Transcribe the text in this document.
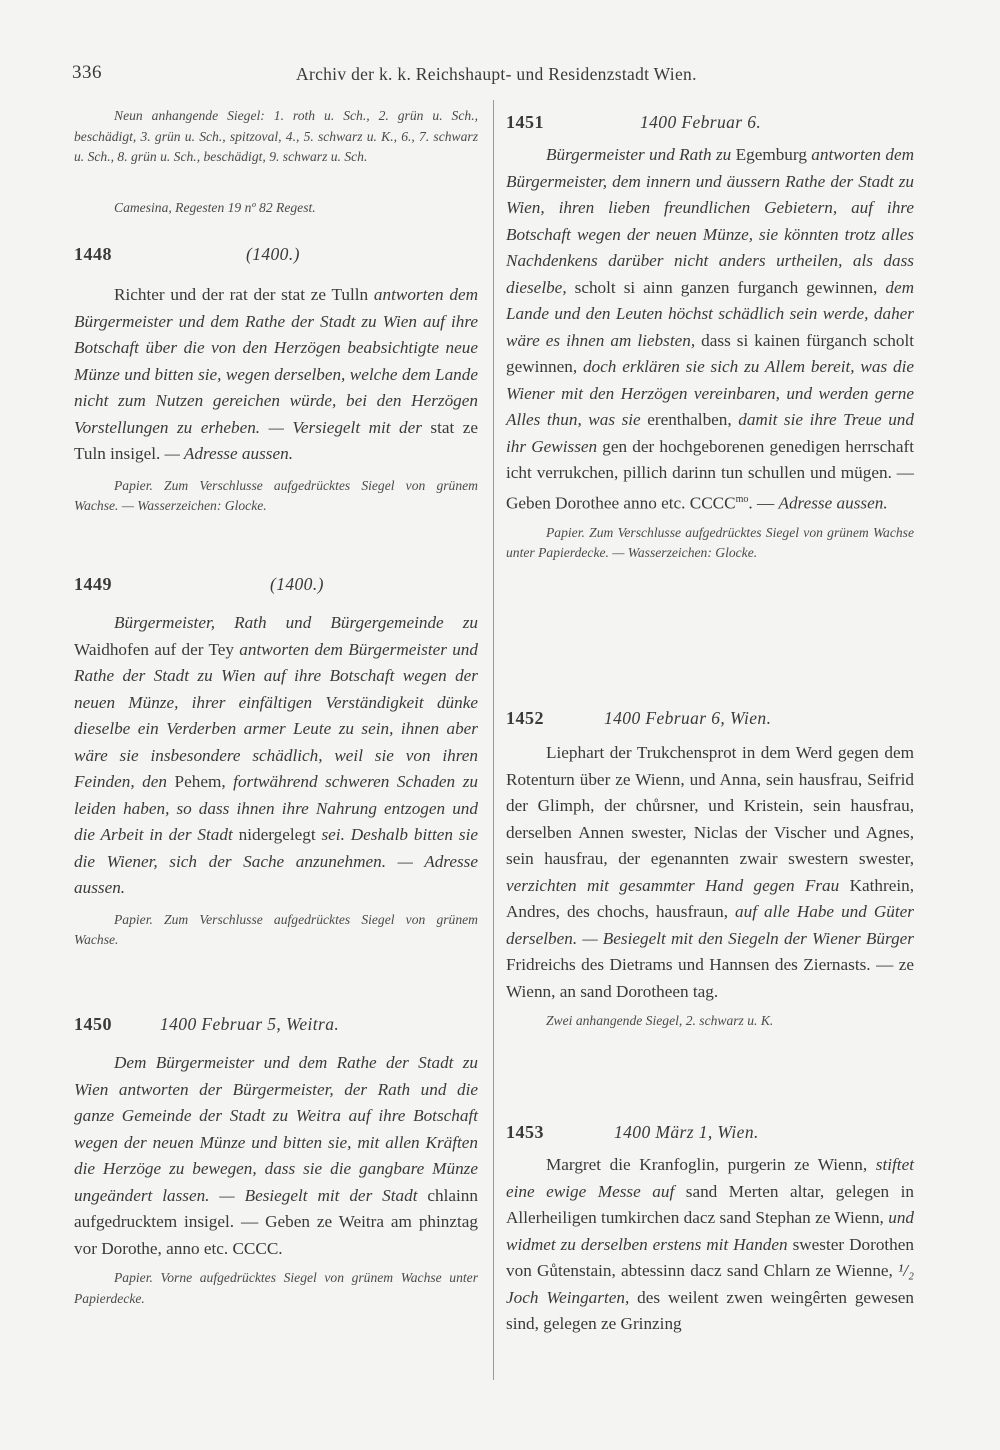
336	Archiv der k. k. Reichshaupt- und Residenzstadt Wien.

Neun anhangende Siegel: 1. roth u. Sch., 2. grün u. Sch., beschädigt, 3. grün u. Sch., spitzoval, 4., 5. schwarz u. K., 6., 7. schwarz u. Sch., 8. grün u. Sch., beschädigt, 9. schwarz u. Sch.

Camesina, Regesten 19 nº 82 Regest.

1448	(1400.)

Richter und der rat der stat ze Tulln antworten dem Bürgermeister und dem Rathe der Stadt zu Wien auf ihre Botschaft über die von den Herzögen beabsichtigte neue Münze und bitten sie, wegen derselben, welche dem Lande nicht zum Nutzen gereichen würde, bei den Herzögen Vorstellungen zu erheben. — Versiegelt mit der stat ze Tuln insigel. — Adresse aussen.

Papier. Zum Verschlusse aufgedrücktes Siegel von grünem Wachse. — Wasserzeichen: Glocke.

1449	(1400.)

Bürgermeister, Rath und Bürgergemeinde zu Waidhofen auf der Tey antworten dem Bürgermeister und Rathe der Stadt zu Wien auf ihre Botschaft wegen der neuen Münze, ihrer einfältigen Verständigkeit dünke dieselbe ein Verderben armer Leute zu sein, ihnen aber wäre sie insbesondere schädlich, weil sie von ihren Feinden, den Pehem, fortwährend schweren Schaden zu leiden haben, so dass ihnen ihre Nahrung entzogen und die Arbeit in der Stadt nidergelegt sei. Deshalb bitten sie die Wiener, sich der Sache anzunehmen. — Adresse aussen.

Papier. Zum Verschlusse aufgedrücktes Siegel von grünem Wachse.

1450	1400 Februar 5, Weitra.

Dem Bürgermeister und dem Rathe der Stadt zu Wien antworten der Bürgermeister, der Rath und die ganze Gemeinde der Stadt zu Weitra auf ihre Botschaft wegen der neuen Münze und bitten sie, mit allen Kräften die Herzöge zu bewegen, dass sie die gangbare Münze ungeändert lassen. — Besiegelt mit der Stadt chlainn aufgedrucktem insigel. — Geben ze Weitra am phinztag vor Dorothe, anno etc. CCCC.

Papier. Vorne aufgedrücktes Siegel von grünem Wachse unter Papierdecke.

1451	1400 Februar 6.

Bürgermeister und Rath zu Egemburg antworten dem Bürgermeister, dem innern und äussern Rathe der Stadt zu Wien, ihren lieben freundlichen Gebietern, auf ihre Botschaft wegen der neuen Münze, sie könnten trotz alles Nachdenkens darüber nicht anders urtheilen, als dass dieselbe, scholt si ainn ganzen furganch gewinnen, dem Lande und den Leuten höchst schädlich sein werde, daher wäre es ihnen am liebsten, dass si kainen fürganch scholt gewinnen, doch erklären sie sich zu Allem bereit, was die Wiener mit den Herzögen vereinbaren, und werden gerne Alles thun, was sie erenthalben, damit sie ihre Treue und ihr Gewissen gen der hochgeborenen genedigen herrschaft icht verrukchen, pillich darinn tun schullen und mügen. — Geben Dorothee anno etc. $CCCC^{mo}$. — Adresse aussen.

Papier. Zum Verschlusse aufgedrücktes Siegel von grünem Wachse unter Papierdecke. — Wasserzeichen: Glocke.

1452	1400 Februar 6, Wien.

Liephart der Trukchensprot in dem Werd gegen dem Rotenturn über ze Wienn, und Anna, sein hausfrau, Seifrid der Glimph, der chůrsner, und Kristein, sein hausfrau, derselben Annen swester, Niclas der Vischer und Agnes, sein hausfrau, der egenannten zwair swestern swester, verzichten mit gesammter Hand gegen Frau Kathrein, Andres, des chochs, hausfraun, auf alle Habe und Güter derselben. — Besiegelt mit den Siegeln der Wiener Bürger Fridreichs des Dietrams und Hannsen des Ziernasts. — ze Wienn, an sand Dorotheen tag.

Zwei anhangende Siegel, 2. schwarz u. K.

1453	1400 März 1, Wien.

Margret die Kranfoglin, purgerin ze Wienn, stiftet eine ewige Messe auf sand Merten altar, gelegen in Allerheiligen tumkirchen dacz sand Stephan ze Wienn, und widmet zu derselben erstens mit Handen swester Dorothen von Gůtenstain, abtessinn dacz sand Chlarn ze Wienne, ¹/₂ Joch Weingarten, des weilent zwen weingêrten gewesen sind, gelegen ze Grinzing
